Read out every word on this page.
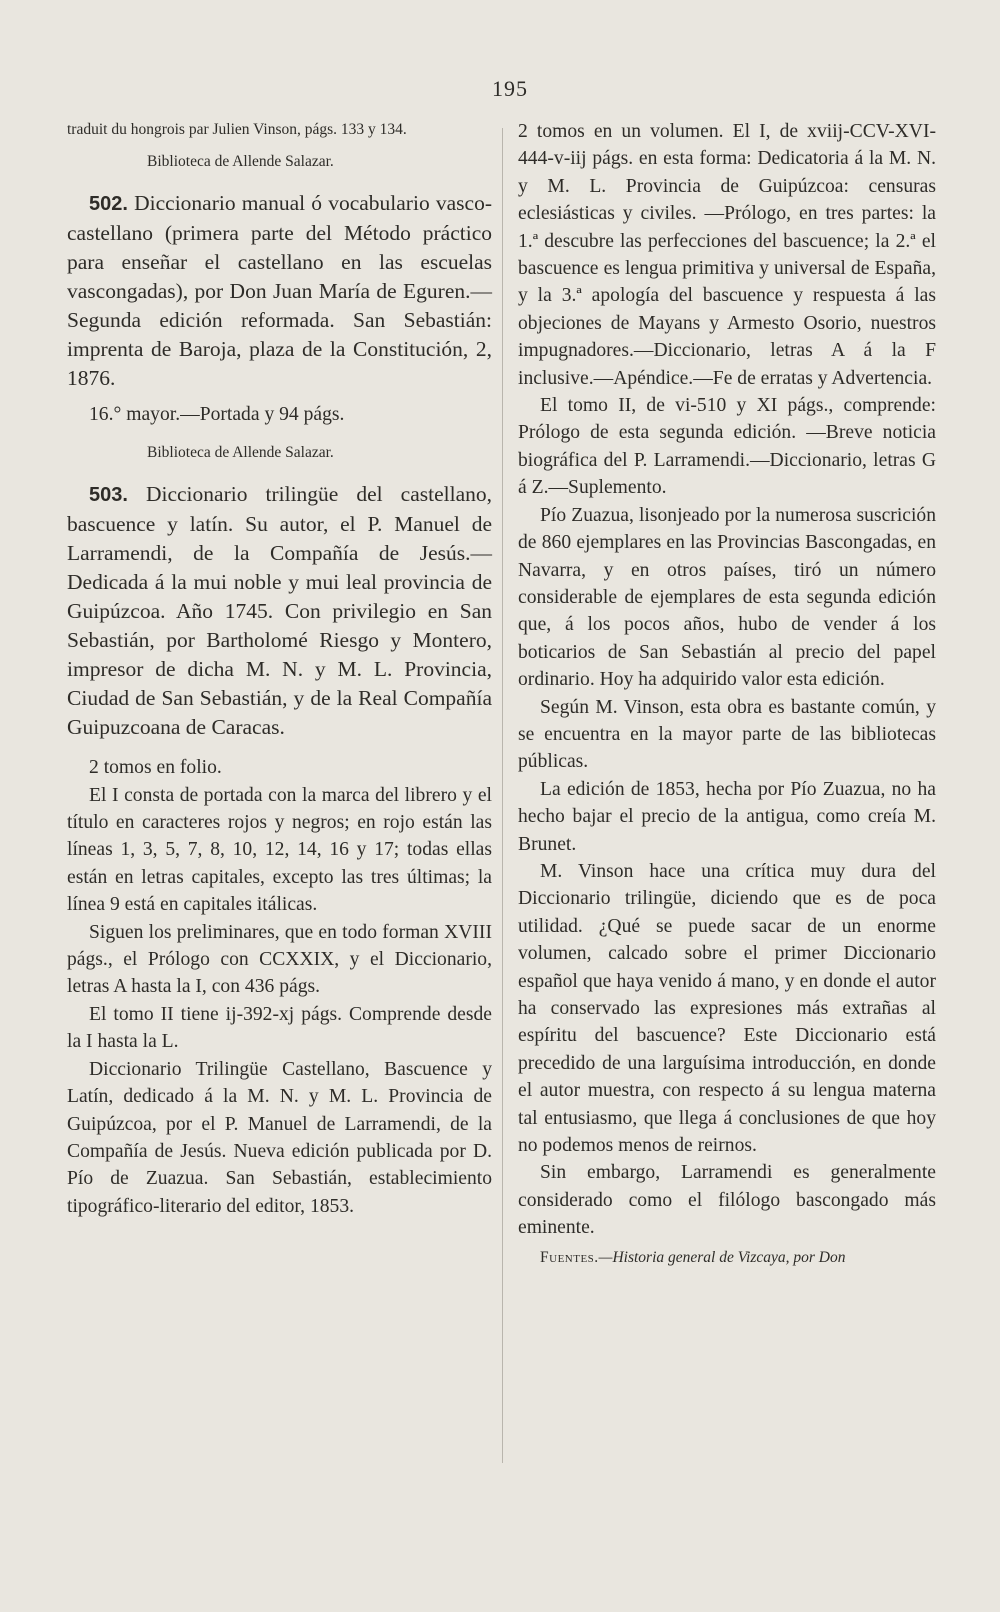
195

traduit du hongrois par Julien Vinson, págs. 133 y 134.

Biblioteca de Allende Salazar.

502. Diccionario manual ó vocabulario vasco-castellano (primera parte del Método práctico para enseñar el castellano en las escuelas vascongadas), por Don Juan María de Eguren.—Segunda edición reformada. San Sebastián: imprenta de Baroja, plaza de la Constitución, 2, 1876.

16.° mayor.—Portada y 94 págs.

Biblioteca de Allende Salazar.

503. Diccionario trilingüe del castellano, bascuence y latín. Su autor, el P. Manuel de Larramendi, de la Compañía de Jesús.—Dedicada á la mui noble y mui leal provincia de Guipúzcoa. Año 1745. Con privilegio en San Sebastián, por Bartholomé Riesgo y Montero, impresor de dicha M. N. y M. L. Provincia, Ciudad de San Sebastián, y de la Real Compañía Guipuzcoana de Caracas.

2 tomos en folio.

El I consta de portada con la marca del librero y el título en caracteres rojos y negros; en rojo están las líneas 1, 3, 5, 7, 8, 10, 12, 14, 16 y 17; todas ellas están en letras capitales, excepto las tres últimas; la línea 9 está en capitales itálicas.

Siguen los preliminares, que en todo forman XVIII págs., el Prólogo con CCXXIX, y el Diccionario, letras A hasta la I, con 436 págs.

El tomo II tiene ij-392-xj págs. Comprende desde la I hasta la L.

Diccionario Trilingüe Castellano, Bascuence y Latín, dedicado á la M. N. y M. L. Provincia de Guipúzcoa, por el P. Manuel de Larramendi, de la Compañía de Jesús. Nueva edición publicada por D. Pío de Zuazua. San Sebastián, establecimiento tipográfico-literario del editor, 1853.

2 tomos en un volumen. El I, de xviij-CCV-XVI-444-v-iij págs. en esta forma: Dedicatoria á la M. N. y M. L. Provincia de Guipúzcoa: censuras eclesiásticas y civiles. —Prólogo, en tres partes: la 1.ª descubre las perfecciones del bascuence; la 2.ª el bascuence es lengua primitiva y universal de España, y la 3.ª apología del bascuence y respuesta á las objeciones de Mayans y Armesto Osorio, nuestros impugnadores.—Diccionario, letras A á la F inclusive.—Apéndice.—Fe de erratas y Advertencia.

El tomo II, de vi-510 y XI págs., comprende: Prólogo de esta segunda edición. —Breve noticia biográfica del P. Larramendi.—Diccionario, letras G á Z.—Suplemento.

Pío Zuazua, lisonjeado por la numerosa suscrición de 860 ejemplares en las Provincias Bascongadas, en Navarra, y en otros países, tiró un número considerable de ejemplares de esta segunda edición que, á los pocos años, hubo de vender á los boticarios de San Sebastián al precio del papel ordinario. Hoy ha adquirido valor esta edición.

Según M. Vinson, esta obra es bastante común, y se encuentra en la mayor parte de las bibliotecas públicas.

La edición de 1853, hecha por Pío Zuazua, no ha hecho bajar el precio de la antigua, como creía M. Brunet.

M. Vinson hace una crítica muy dura del Diccionario trilingüe, diciendo que es de poca utilidad. ¿Qué se puede sacar de un enorme volumen, calcado sobre el primer Diccionario español que haya venido á mano, y en donde el autor ha conservado las expresiones más extrañas al espíritu del bascuence? Este Diccionario está precedido de una larguísima introducción, en donde el autor muestra, con respecto á su lengua materna tal entusiasmo, que llega á conclusiones de que hoy no podemos menos de reirnos.

Sin embargo, Larramendi es generalmente considerado como el filólogo bascongado más eminente.

Fuentes.—Historia general de Vizcaya, por Don
